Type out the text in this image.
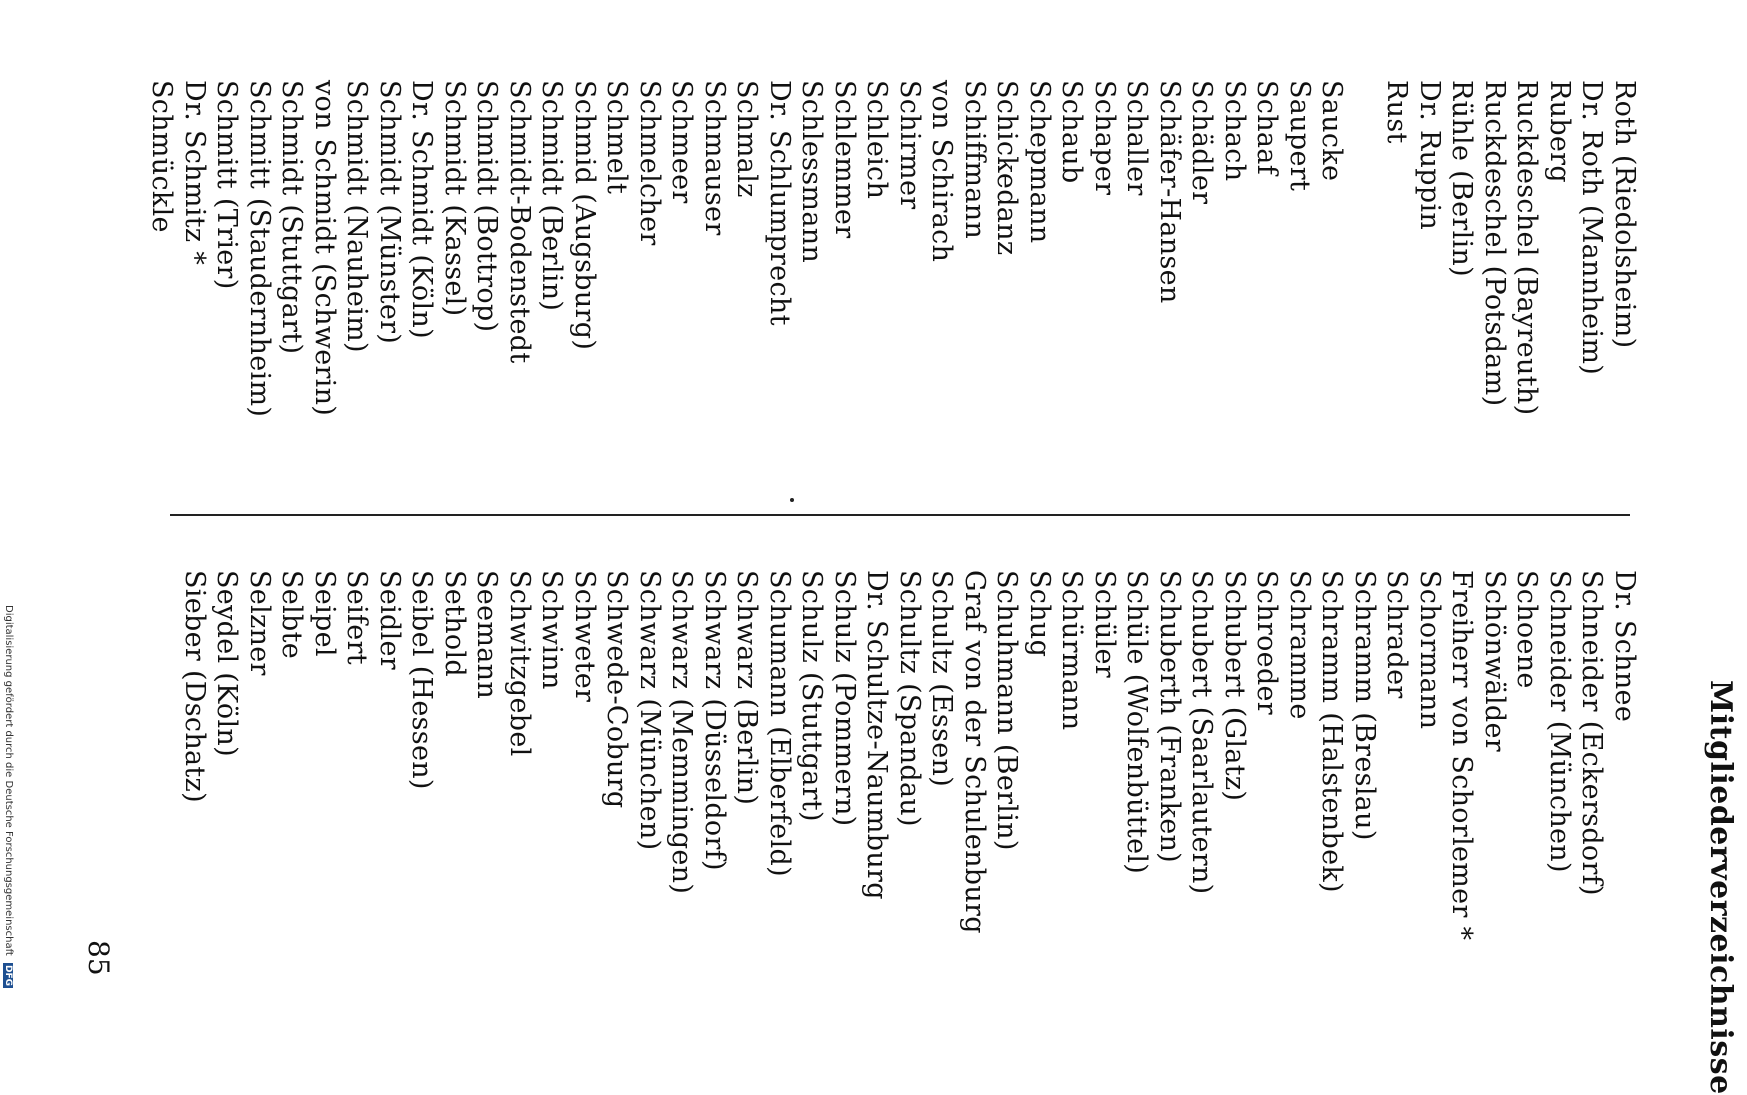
Mitgliederverzeichnisse
Roth (Riedolsheim)
Dr. Roth (Mannheim)
Ruberg
Ruckdeschel (Bayreuth)
Ruckdeschel (Potsdam)
Rühle (Berlin)
Dr. Ruppin
Rust
Saucke
Saupert
Schaaf
Schach
Schädler
Schäfer-Hansen
Schaller
Schaper
Schaub
Schepmann
Schickedanz
Schiffmann
von Schirach
Schirmer
Schleich
Schlemmer
Schlessmann
Dr. Schlumprecht
Schmalz
Schmauser
Schmeer
Schmelcher
Schmelt
Schmid (Augsburg)
Schmidt (Berlin)
Schmidt-Bodenstedt
Schmidt (Bottrop)
Schmidt (Kassel)
Dr. Schmidt (Köln)
Schmidt (Münster)
Schmidt (Nauheim)
von Schmidt (Schwerin)
Schmidt (Stuttgart)
Schmitt (Staudernheim)
Schmitt (Trier)
Dr. Schmitz *
Schmückle
Dr. Schnee
Schneider (Eckersdorf)
Schneider (München)
Schoene
Schönwälder
Freiherr von Schorlemer *
Schormann
Schrader
Schramm (Breslau)
Schramm (Halstenbek)
Schramme
Schroeder
Schubert (Glatz)
Schubert (Saarlautern)
Schuberth (Franken)
Schüle (Wolfenbüttel)
Schüler
Schürmann
Schug
Schuhmann (Berlin)
Graf von der Schulenburg
Schultz (Essen)
Schultz (Spandau)
Dr. Schultze-Naumburg
Schulz (Pommern)
Schulz (Stuttgart)
Schumann (Elberfeld)
Schwarz (Berlin)
Schwarz (Düsseldorf)
Schwarz (Memmingen)
Schwarz (München)
Schwede-Coburg
Schweter
Schwinn
Schwitzgebel
Seemann
Sethold
Seibel (Hessen)
Seidler
Seifert
Seipel
Selbte
Selzner
Seydel (Köln)
Sieber (Dschatz)
85
Digitalisierung gefördert durch die Deutsche Forschungsgemeinschaft DFG
